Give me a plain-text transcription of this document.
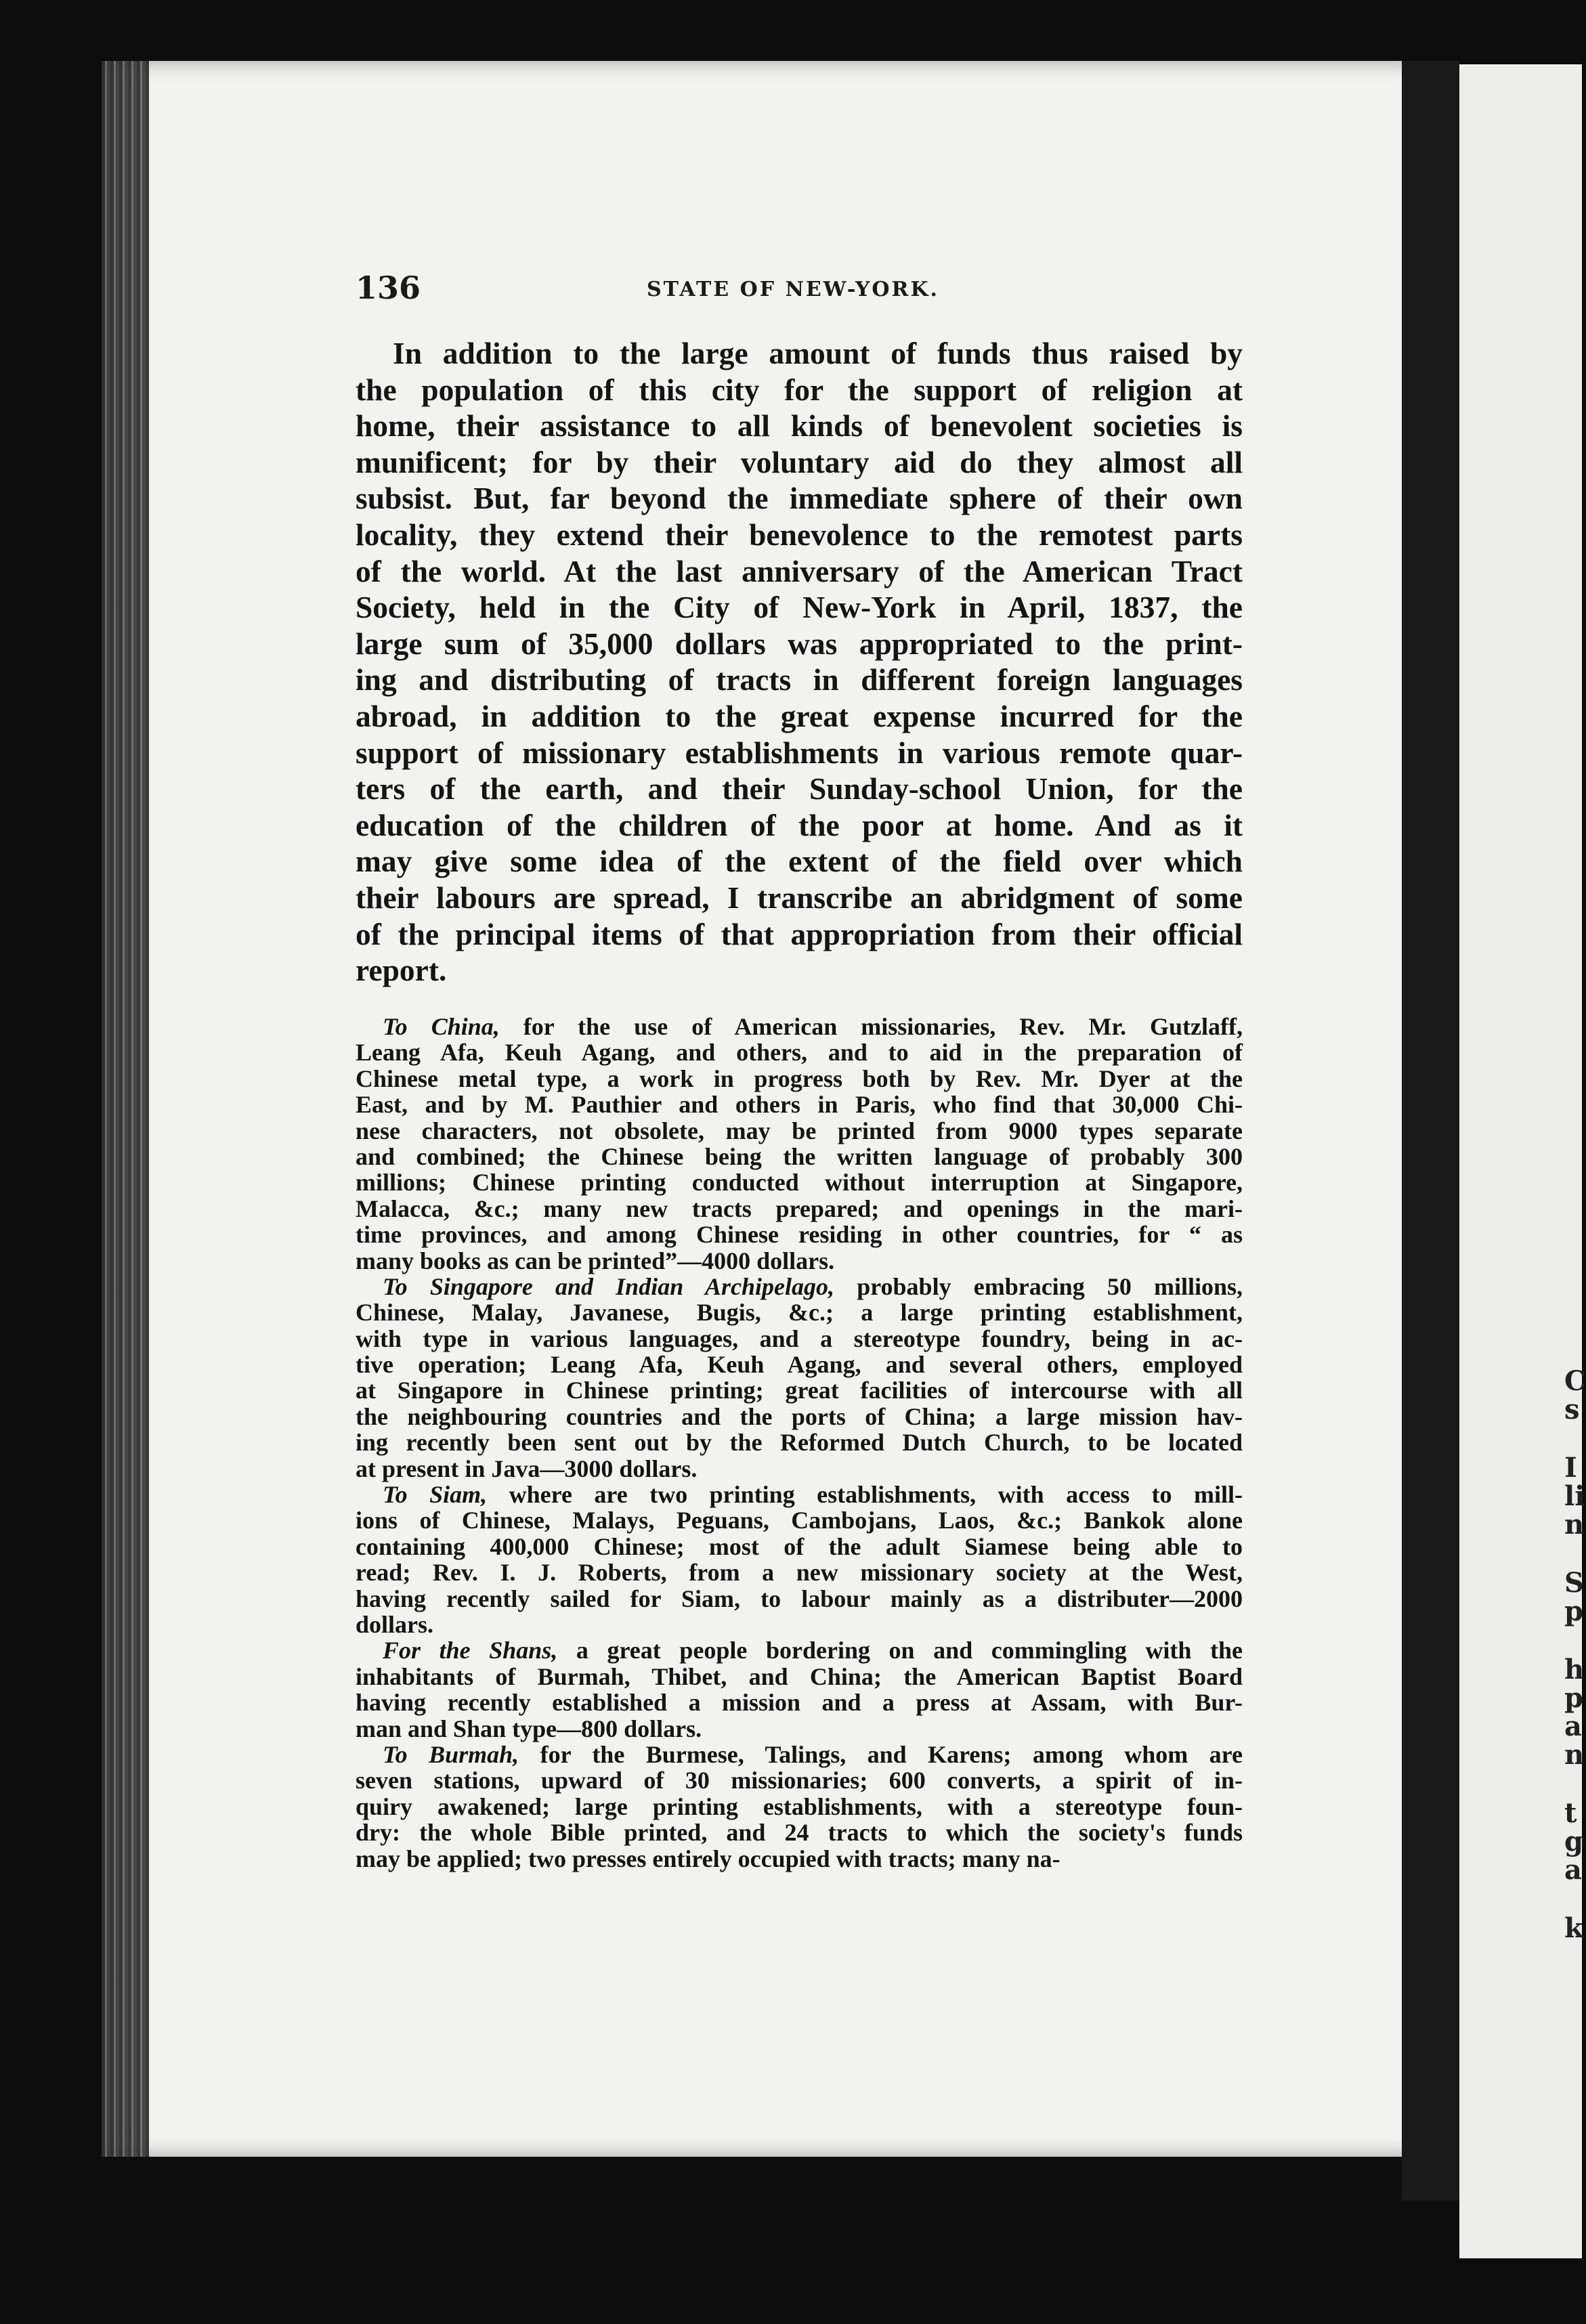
C
s
I
li
n
S
p
h
p
a
n
t
g
a
k
136	STATE OF NEW-YORK.
In addition to the large amount of funds thus raised by
the population of this city for the support of religion at
home, their assistance to all kinds of benevolent societies is
munificent; for by their voluntary aid do they almost all
subsist. But, far beyond the immediate sphere of their own
locality, they extend their benevolence to the remotest parts
of the world. At the last anniversary of the American Tract
Society, held in the City of New-York in April, 1837, the
large sum of 35,000 dollars was appropriated to the print-
ing and distributing of tracts in different foreign languages
abroad, in addition to the great expense incurred for the
support of missionary establishments in various remote quar-
ters of the earth, and their Sunday-school Union, for the
education of the children of the poor at home. And as it
may give some idea of the extent of the field over which
their labours are spread, I transcribe an abridgment of some
of the principal items of that appropriation from their official
report.
To China, for the use of American missionaries, Rev. Mr. Gutzlaff,
Leang Afa, Keuh Agang, and others, and to aid in the preparation of
Chinese metal type, a work in progress both by Rev. Mr. Dyer at the
East, and by M. Pauthier and others in Paris, who find that 30,000 Chi-
nese characters, not obsolete, may be printed from 9000 types separate
and combined; the Chinese being the written language of probably 300
millions; Chinese printing conducted without interruption at Singapore,
Malacca, &c.; many new tracts prepared; and openings in the mari-
time provinces, and among Chinese residing in other countries, for “ as
many books as can be printed”—4000 dollars.
To Singapore and Indian Archipelago, probably embracing 50 millions,
Chinese, Malay, Javanese, Bugis, &c.; a large printing establishment,
with type in various languages, and a stereotype foundry, being in ac-
tive operation; Leang Afa, Keuh Agang, and several others, employed
at Singapore in Chinese printing; great facilities of intercourse with all
the neighbouring countries and the ports of China; a large mission hav-
ing recently been sent out by the Reformed Dutch Church, to be located
at present in Java—3000 dollars.
To Siam, where are two printing establishments, with access to mill-
ions of Chinese, Malays, Peguans, Cambojans, Laos, &c.; Bankok alone
containing 400,000 Chinese; most of the adult Siamese being able to
read; Rev. I. J. Roberts, from a new missionary society at the West,
having recently sailed for Siam, to labour mainly as a distributer—2000
dollars.
For the Shans, a great people bordering on and commingling with the
inhabitants of Burmah, Thibet, and China; the American Baptist Board
having recently established a mission and a press at Assam, with Bur-
man and Shan type—800 dollars.
To Burmah, for the Burmese, Talings, and Karens; among whom are
seven stations, upward of 30 missionaries; 600 converts, a spirit of in-
quiry awakened; large printing establishments, with a stereotype foun-
dry: the whole Bible printed, and 24 tracts to which the society's funds
may be applied; two presses entirely occupied with tracts; many na-
